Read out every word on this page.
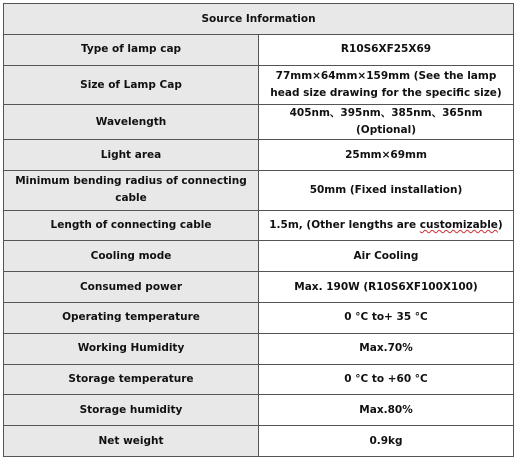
Source Information	
Type of lamp cap	R10S6XF25X69
Size of Lamp Cap	77mm×64mm×159mm (See the lamp head size drawing for the specific size)
Wavelength	405nm、395nm、385nm、365nm (Optional)
Light area	25mm×69mm
Minimum bending radius of connecting cable	50mm (Fixed installation)
Length of connecting cable	1.5m, (Other lengths are customizable)
Cooling mode	Air Cooling
Consumed power	Max. 190W (R10S6XF100X100)
Operating temperature	0 °C to+ 35 °C
Working Humidity	Max.70%
Storage temperature	0 °C to +60 °C
Storage humidity	Max.80%
Net weight	0.9kg
